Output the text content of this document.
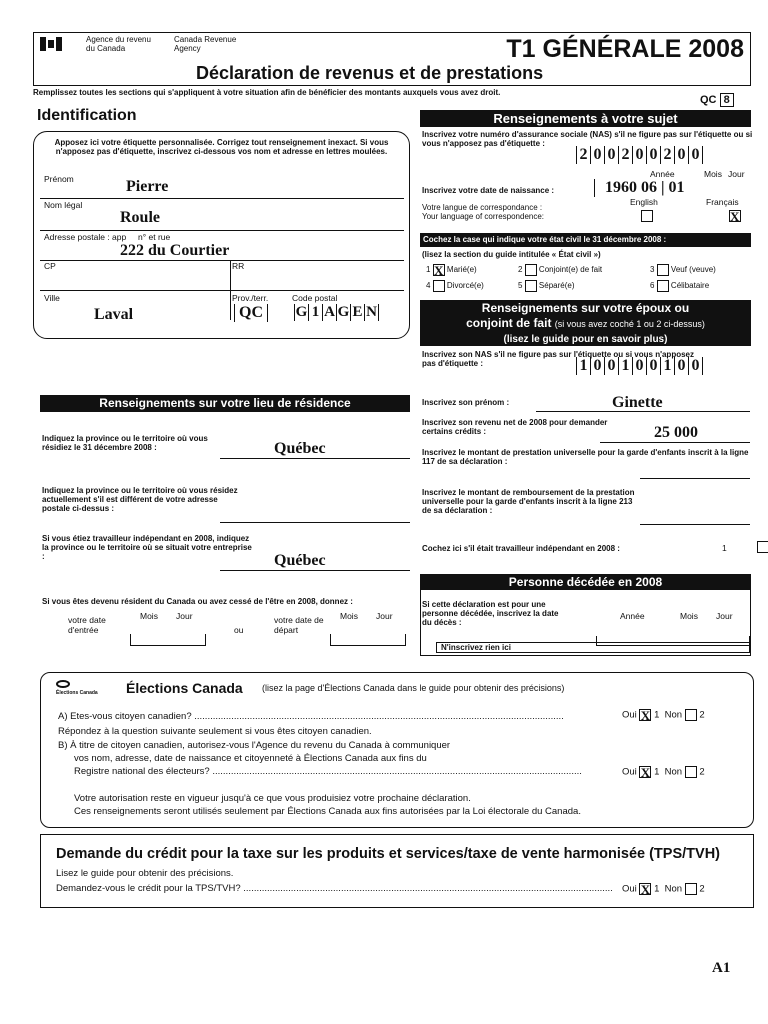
Agence du revenu
du Canada
Canada Revenue
Agency	T1 GÉNÉRALE 2008
Déclaration de revenus et de prestations
Remplissez toutes les sections qui s'appliquent à votre situation afin de bénéficier des montants auxquels vous avez droit.
QC 8
Identification
Apposez ici votre étiquette personnalisée. Corrigez tout renseignement inexact. Si vous n'apposez pas d'étiquette, inscrivez ci-dessous vos nom et adresse en lettres moulées.
Prénom	Pierre
Nom légal
Roule
Adresse postale : app     n° et rue
222 du Courtier
CP	RR
Ville
Laval
Prov./terr.
QC
Code postal
G 1 A G E N
Renseignements à votre sujet
Inscrivez votre numéro d'assurance sociale (NAS) s'il ne figure pas sur l'étiquette ou si vous n'apposez pas d'étiquette :
2 0 0 2 0 0 2 0 0
Année	Mois Jour
Inscrivez votre date de naissance :	1960 06 | 01
Votre langue de correspondance :
Your language of correspondence:
English	Français
X
Cochez la case qui indique votre état civil le 31 décembre 2008 :
(lisez la section du guide intitulée « État civil »)
1 X Marié(e)	2 Conjoint(e) de fait	3 Veuf (veuve)
4 Divorcé(e)	5 Séparé(e)	6 Célibataire
Renseignements sur votre époux ou
conjoint de fait (si vous avez coché 1 ou 2 ci-dessus)
(lisez le guide pour en savoir plus)
Inscrivez son NAS s'il ne figure pas sur l'étiquette ou si vous n'apposez pas d'étiquette :	1 0 0 1 0 0 1 0 0
Inscrivez son prénom :	Ginette
Inscrivez son revenu net de 2008 pour demander certains crédits :	25 000
Inscrivez le montant de prestation universelle pour la garde d'enfants inscrit à la ligne 117 de sa déclaration :
Inscrivez le montant de remboursement de la prestation universelle pour la garde d'enfants inscrit à la ligne 213 de sa déclaration :
Cochez ici s'il était travailleur indépendant en 2008 :	1
Personne décédée en 2008
Si cette déclaration est pour une personne décédée, inscrivez la date du décès :
Année	Mois Jour
N'inscrivez rien ici
Renseignements sur votre lieu de résidence
Indiquez la province ou le territoire où vous résidiez le 31 décembre 2008 :	Québec
Indiquez la province ou le territoire où vous résidez actuellement s'il est différent de votre adresse postale ci-dessus :
Si vous étiez travailleur indépendant en 2008, indiquez la province ou le territoire où se situait votre entreprise :	Québec
Si vous êtes devenu résident du Canada ou avez cessé de l'être en 2008, donnez :
votre date d'entrée
Mois Jour
ou
votre date de départ
Mois Jour
Élections Canada Élections Canada (lisez la page d'Élections Canada dans le guide pour obtenir des précisions)
A) Êtes-vous citoyen canadien? ............................................................................................................................................	Oui X 1 Non 2
Répondez à la question suivante seulement si vous êtes citoyen canadien.
B) À titre de citoyen canadien, autorisez-vous l'Agence du revenu du Canada à communiquer
vos nom, adresse, date de naissance et citoyenneté à Élections Canada aux fins du
Registre national des électeurs? ............................................................................................................................................	Oui X 1 Non 2
Votre autorisation reste en vigueur jusqu'à ce que vous produisiez votre prochaine déclaration.
Ces renseignements seront utilisés seulement par Élections Canada aux fins autorisées par la Loi électorale du Canada.
Demande du crédit pour la taxe sur les produits et services/taxe de vente harmonisée (TPS/TVH)
Lisez le guide pour obtenir des précisions.
Demandez-vous le crédit pour la TPS/TVH? ............................................................................................................................................ Oui X 1 Non 2
A1
